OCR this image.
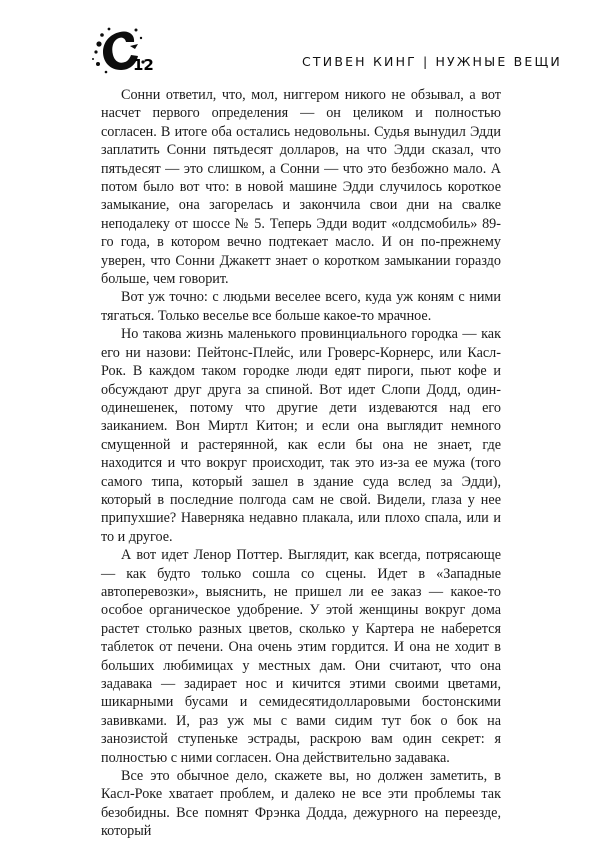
12	СТИВЕН КИНГ | НУЖНЫЕ ВЕЩИ

Сонни ответил, что, мол, ниггером никого не обзывал, а вот насчет первого определения — он целиком и полностью согласен. В итоге оба остались недовольны. Судья вынудил Эдди заплатить Сонни пятьдесят долларов, на что Эдди сказал, что пятьдесят — это слишком, а Сонни — что это безбожно мало. А потом было вот что: в новой машине Эдди случилось короткое замыкание, она загорелась и закончила свои дни на свалке неподалеку от шоссе № 5. Теперь Эдди водит «олдсмобиль» 89-го года, в котором вечно подтекает масло. И он по-прежнему уверен, что Сонни Джакетт знает о коротком замыкании гораздо больше, чем говорит.

Вот уж точно: с людьми веселее всего, куда уж коням с ними тягаться. Только веселье все больше какое-то мрачное.

Но такова жизнь маленького провинциального городка — как его ни назови: Пейтонс-Плейс, или Гроверс-Корнерс, или Касл-Рок. В каждом таком городке люди едят пироги, пьют кофе и обсуждают друг друга за спиной. Вот идет Слопи Додд, один-одинешенек, потому что другие дети издеваются над его заиканием. Вон Миртл Китон; и если она выглядит немного смущенной и растерянной, как если бы она не знает, где находится и что вокруг происходит, так это из-за ее мужа (того самого типа, который зашел в здание суда вслед за Эдди), который в последние полгода сам не свой. Видели, глаза у нее припухшие? Наверняка недавно плакала, или плохо спала, или и то и другое.

А вот идет Ленор Поттер. Выглядит, как всегда, потрясающе — как будто только сошла со сцены. Идет в «Западные автоперевозки», выяснить, не пришел ли ее заказ — какое-то особое органическое удобрение. У этой женщины вокруг дома растет столько разных цветов, сколько у Картера не наберется таблеток от печени. Она очень этим гордится. И она не ходит в больших любимицах у местных дам. Они считают, что она задавака — задирает нос и кичится этими своими цветами, шикарными бусами и семидесятидолларовыми бостонскими завивками. И, раз уж мы с вами сидим тут бок о бок на занозистой ступеньке эстрады, раскрою вам один секрет: я полностью с ними согласен. Она действительно задавака.

Все это обычное дело, скажете вы, но должен заметить, в Касл-Роке хватает проблем, и далеко не все эти проблемы так безобидны. Все помнят Фрэнка Додда, дежурного на переезде, который
